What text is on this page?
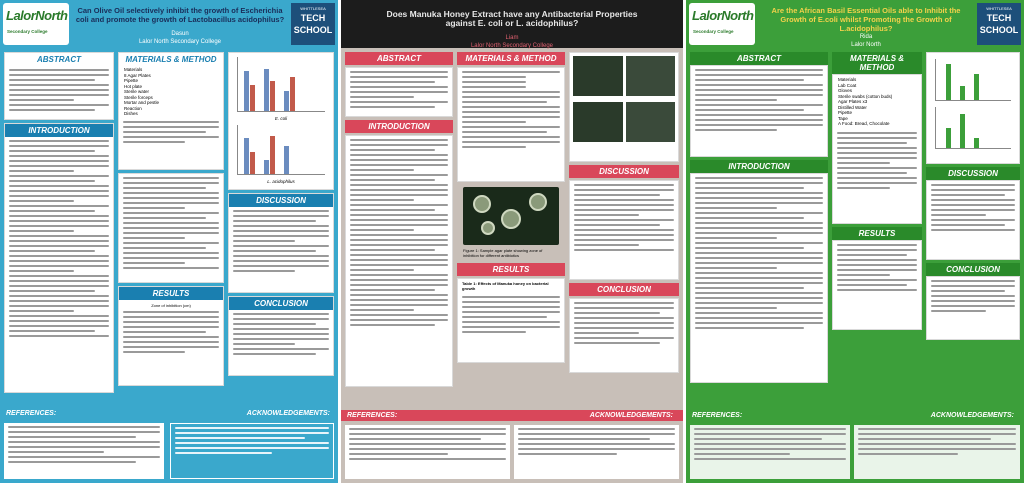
LalorNorth
Secondary College
Can Olive Oil selectively inhibit the growth of Escherichia coli and promote the growth of Lactobacillus acidophilus?
Dasun
Lalor North Secondary College
WHITTLESEA
TECH
SCHOOL
ABSTRACT
INTRODUCTION
MATERIALS & METHOD
Materials
8 Agar Plates
Pipette
Hot plate
Sterile water
Sterile forceps
Mortar and pestle
Reaction
Dishes
RESULTS
Zone of inhibition (cm)
E. coli
L. acidophilus
DISCUSSION
CONCLUSION
REFERENCES:	ACKNOWLEDGEMENTS:
Does Manuka Honey Extract have any Antibacterial Properties against E. coli or L. acidophilus?
Liam
Lalor North Secondary College
ABSTRACT
INTRODUCTION
MATERIALS & METHOD
Figure 1: Sample agar plate showing zone of inhibition for different antibiotics
RESULTS
Table 1: Effects of Manuka honey on bacterial growth
DISCUSSION
CONCLUSION
REFERENCES:	ACKNOWLEDGEMENTS:
LalorNorth
Secondary College
Are the African Basil Essential Oils able to Inhibit the Growth of E.coli whilst Promoting the Growth of L.acidophilus?
Rida
Lalor North
WHITTLESEA
TECH
SCHOOL
ABSTRACT
INTRODUCTION
MATERIALS & METHOD
Materials
Lab Coat
Gloves
Sterile swabs (cotton buds)
Agar Plates x3
Distilled Water
Pipette
Tape
A Food: Bread, Chocolate
RESULTS
DISCUSSION
CONCLUSION
REFERENCES:	ACKNOWLEDGEMENTS:
